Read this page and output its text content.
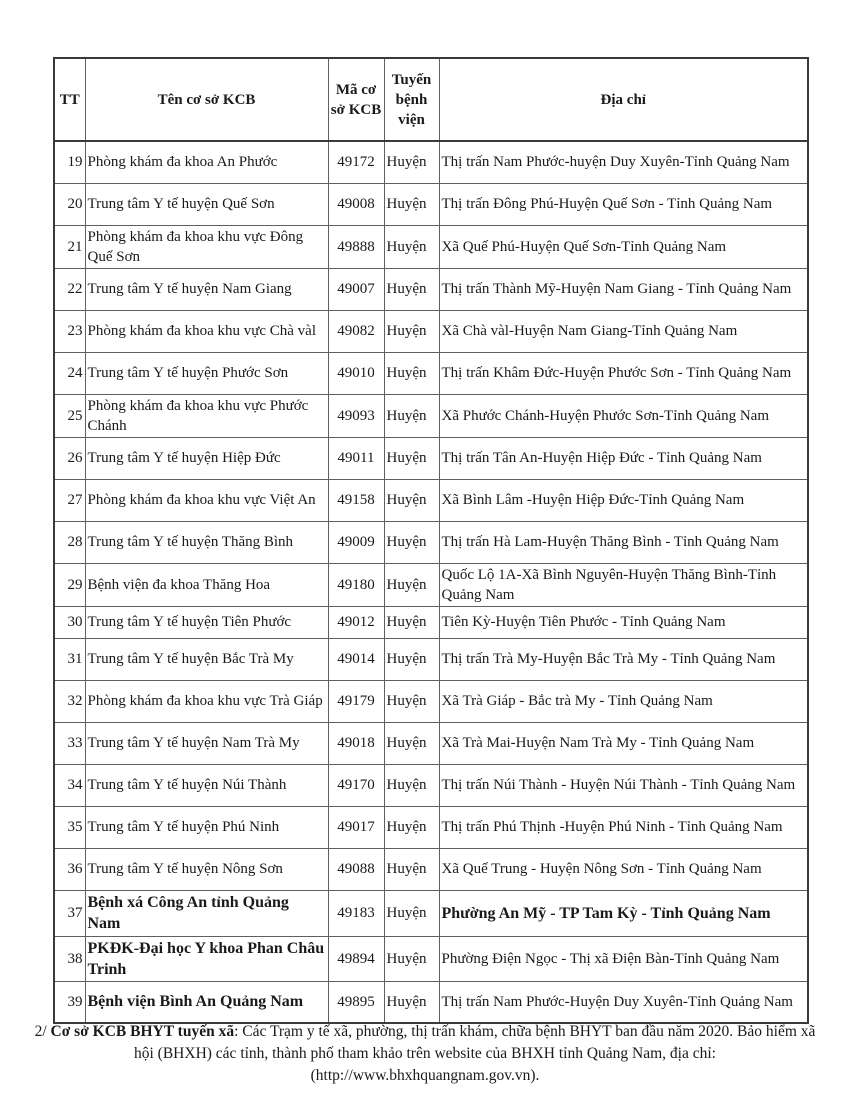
TT	Tên cơ sở KCB	Mã cơ sở KCB	Tuyến bệnh viện	Địa chỉ
19	Phòng khám đa khoa An Phước	49172	Huyện	Thị trấn Nam Phước-huyện Duy Xuyên-Tỉnh Quảng Nam
20	Trung tâm Y tế huyện Quế Sơn	49008	Huyện	Thị trấn Đông Phú-Huyện Quế Sơn - Tỉnh Quảng Nam
21	Phòng khám đa khoa khu vực Đông Quế Sơn	49888	Huyện	Xã Quế Phú-Huyện Quế Sơn-Tỉnh Quảng Nam
22	Trung tâm Y tế huyện Nam Giang	49007	Huyện	Thị trấn Thành Mỹ-Huyện Nam Giang - Tỉnh Quảng Nam
23	Phòng khám đa khoa khu vực Chà vàl	49082	Huyện	Xã Chà vàl-Huyện Nam Giang-Tỉnh Quảng Nam
24	Trung tâm Y tế huyện Phước Sơn	49010	Huyện	Thị trấn Khâm Đức-Huyện Phước Sơn - Tỉnh Quảng Nam
25	Phòng khám đa khoa khu vực Phước Chánh	49093	Huyện	Xã Phước Chánh-Huyện Phước Sơn-Tỉnh Quảng Nam
26	Trung tâm Y tế huyện Hiệp Đức	49011	Huyện	Thị trấn Tân An-Huyện Hiệp Đức - Tỉnh Quảng Nam
27	Phòng khám đa khoa khu vực Việt An	49158	Huyện	Xã Bình Lâm -Huyện Hiệp Đức-Tỉnh Quảng Nam
28	Trung tâm Y tế huyện Thăng Bình	49009	Huyện	Thị trấn Hà Lam-Huyện Thăng Bình - Tỉnh Quảng Nam
29	Bệnh viện đa khoa Thăng Hoa	49180	Huyện	Quốc Lộ 1A-Xã Bình Nguyên-Huyện Thăng Bình-Tỉnh Quảng Nam
30	Trung tâm Y tế huyện Tiên Phước	49012	Huyện	Tiên Kỳ-Huyện Tiên Phước - Tỉnh Quảng Nam
31	Trung tâm Y tế huyện Bắc Trà My	49014	Huyện	Thị trấn Trà My-Huyện Bắc Trà My - Tỉnh Quảng Nam
32	Phòng khám đa khoa khu vực Trà Giáp	49179	Huyện	Xã Trà Giáp - Bắc trà My - Tỉnh Quảng Nam
33	Trung tâm Y tế huyện Nam Trà My	49018	Huyện	Xã Trà Mai-Huyện Nam Trà My - Tỉnh Quảng Nam
34	Trung tâm Y tế huyện Núi Thành	49170	Huyện	Thị trấn Núi Thành - Huyện Núi Thành - Tỉnh Quảng Nam
35	Trung tâm Y tế huyện Phú Ninh	49017	Huyện	Thị trấn Phú Thịnh -Huyện Phú Ninh - Tỉnh Quảng Nam
36	Trung tâm Y tế huyện Nông Sơn	49088	Huyện	Xã Quế Trung - Huyện Nông Sơn - Tỉnh Quảng Nam
37	Bệnh xá Công An tỉnh Quảng Nam	49183	Huyện	Phường An Mỹ - TP Tam Kỳ - Tỉnh Quảng Nam
38	PKĐK-Đại học Y khoa Phan Châu Trinh	49894	Huyện	Phường Điện Ngọc - Thị xã Điện Bàn-Tỉnh Quảng Nam
39	Bệnh viện Bình An Quảng Nam	49895	Huyện	Thị trấn Nam Phước-Huyện Duy Xuyên-Tỉnh Quảng Nam
2/ Cơ sở KCB BHYT tuyến xã: Các Trạm y tế xã, phường, thị trấn khám, chữa bệnh BHYT ban đầu năm 2020. Bảo hiểm xã hội (BHXH) các tỉnh, thành phố tham khảo trên website của BHXH tỉnh Quảng Nam, địa chỉ: (http://www.bhxhquangnam.gov.vn).
